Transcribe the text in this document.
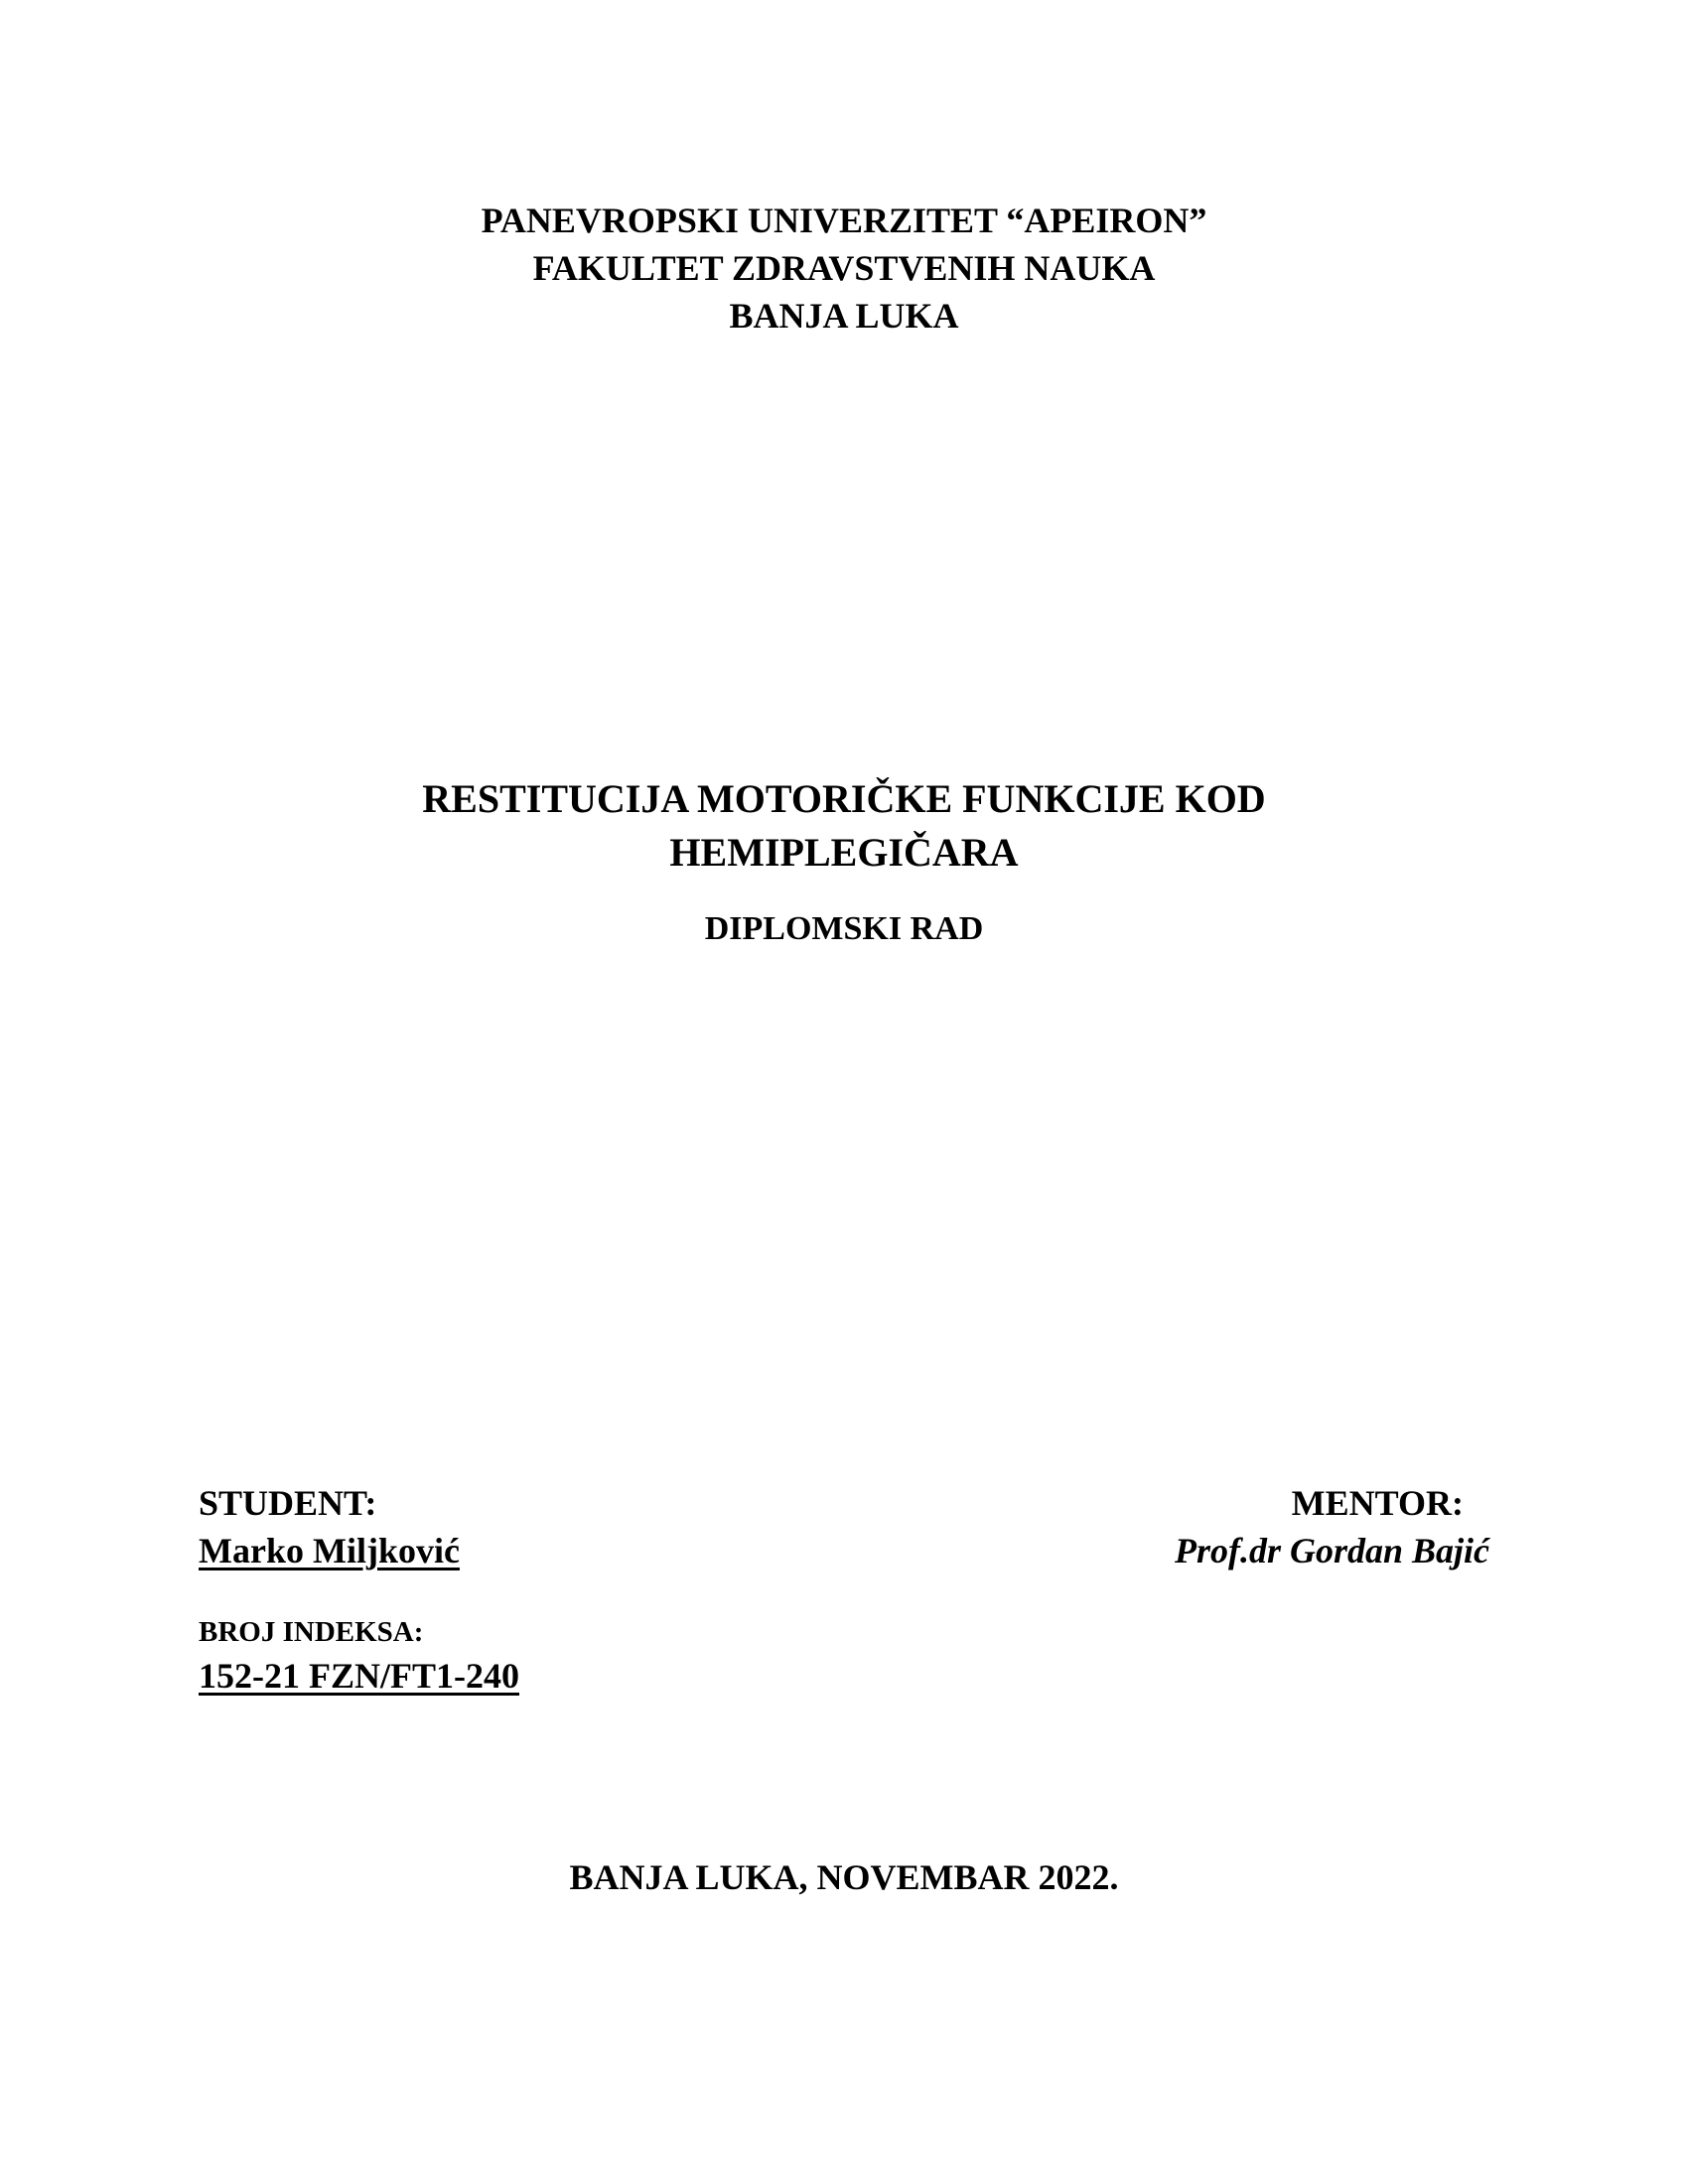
PANEVROPSKI UNIVERZITET “APEIRON”
FAKULTET ZDRAVSTVENIH NAUKA
BANJA LUKA
RESTITUCIJA MOTORIČKE FUNKCIJE KOD
HEMIPLEGIČARA
DIPLOMSKI RAD
STUDENT:
Marko Miljković
BROJ INDEKSA:
152-21 FZN/FT1-240
MENTOR:
Prof.dr Gordan Bajić
BANJA LUKA, NOVEMBAR 2022.
